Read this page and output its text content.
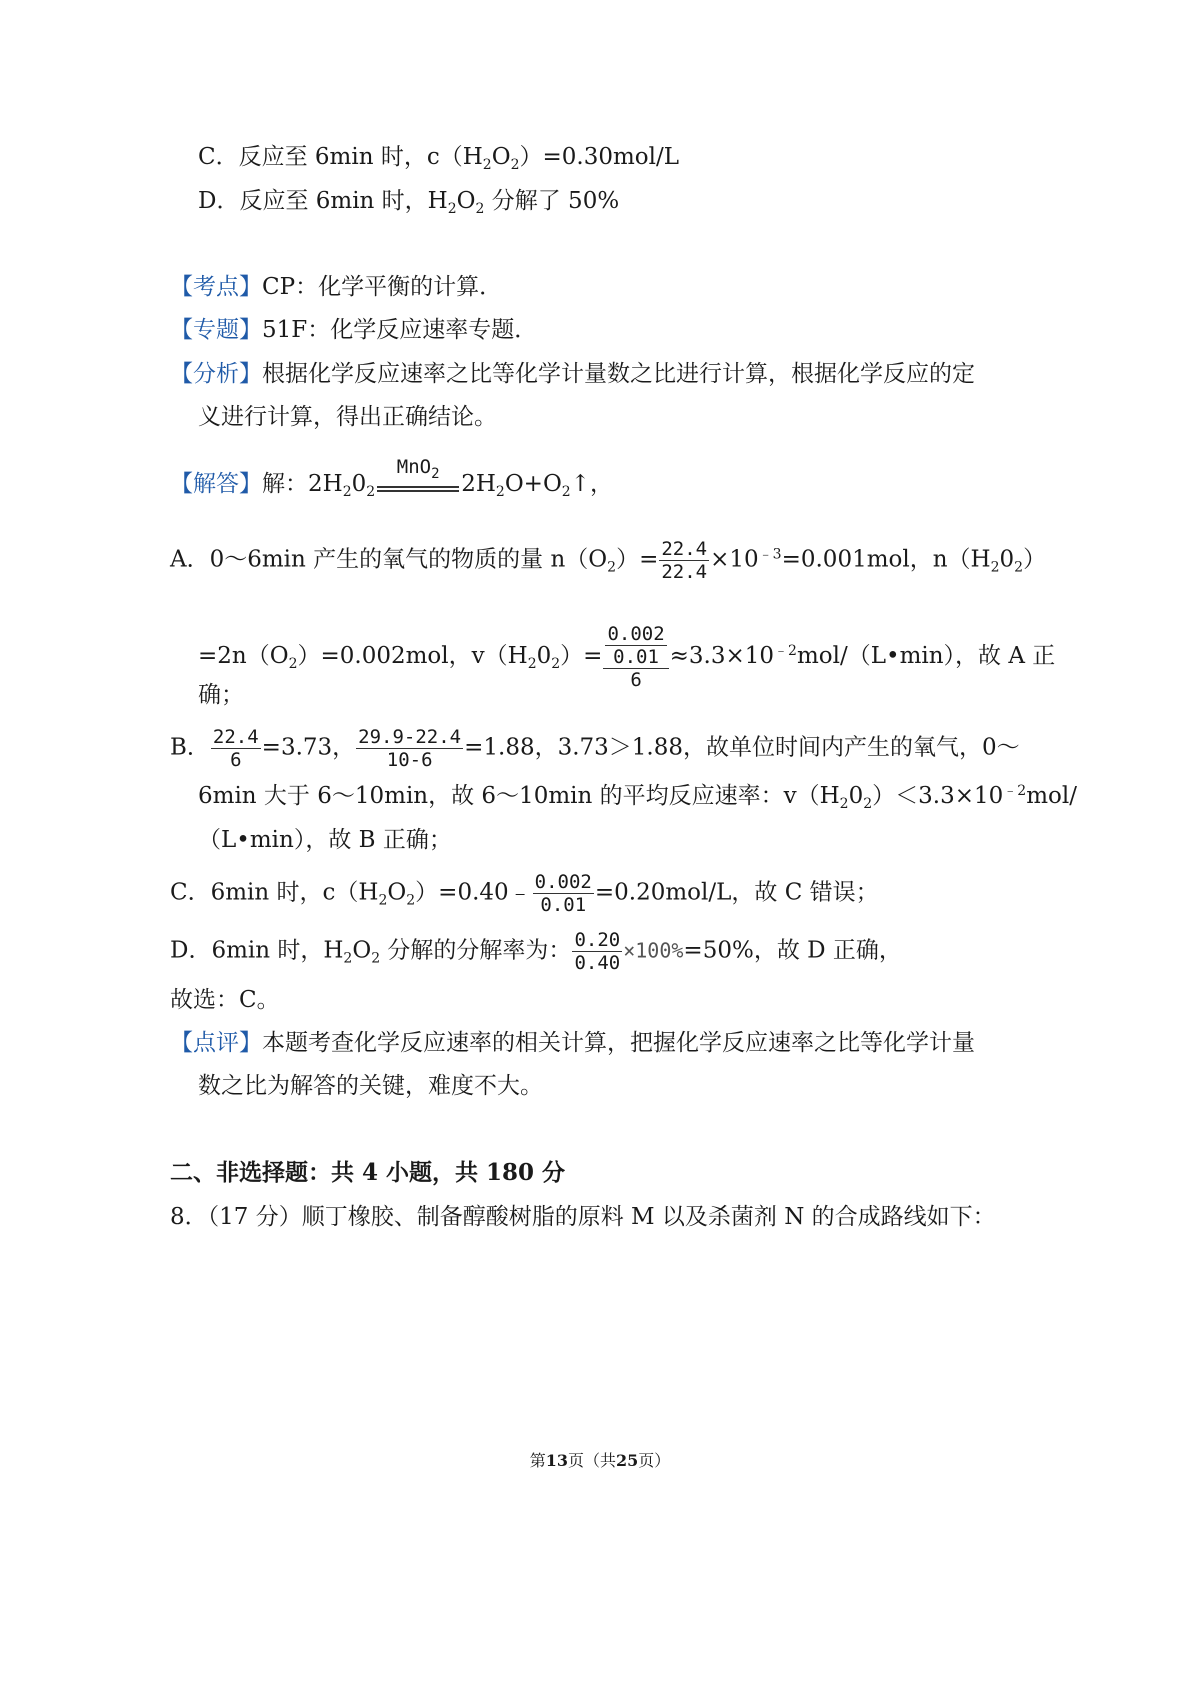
C．反应至 6min 时，$c(H_2O_2)=0.30mol/L$
D．反应至 6min 时，$H_2O_2$ 分解了 50%
【考点】CP：化学平衡的计算．
【专题】51F：化学反应速率专题．
【分析】根据化学反应速率之比等化学计量数之比进行计算，根据化学反应的定
义进行计算，得出正确结论。
【解答】解：$2H_20_2$
MnO$_2$ $2H_2O+O_2↑$，
A．0～6min 产生的氧气的物质的量 $n(O_2)= \frac{22.4}{22.4} \times 10^{﹣3}=0.001mol$，$n(H_20_2)$
$=2n(O_2)=0.002mol$，$v(H_20_2)= \frac{\frac{0.002}{0.01}}{6}$ $\approx 3.3\times 10^{﹣2}mol/(L•\min)$，故 A 正
确；
B． $\frac{22.4}{6} =3.73$， $\frac{29.9-22.4}{10-6} =1.88$，3.73＞1.88，故单位时间内产生的氧气，0～
6min 大于 6～10min，故 6～10min 的平均反应速率：$v(H_20_2)<3.3\times 10^{﹣2}mol/$
（L•min），故 B 正确；
C．6min 时，$c(H_2O_2)=0.40﹣ \frac{0.002}{0.01} =0.20mol/L$，故 C 错误；
D．6min 时，$H_2O_2$ 分解的分解率为： $\frac{0.20}{0.40} \times 100\%=50\%$，故 D 正确，
故选：C。
【点评】本题考查化学反应速率的相关计算，把握化学反应速率之比等化学计量
数之比为解答的关键，难度不大。
二、非选择题：共 4 小题，共 180 分
8．（17 分）顺丁橡胶、制备醇酸树脂的原料 M 以及杀菌剂 N 的合成路线如下：
第13页（共25页）
